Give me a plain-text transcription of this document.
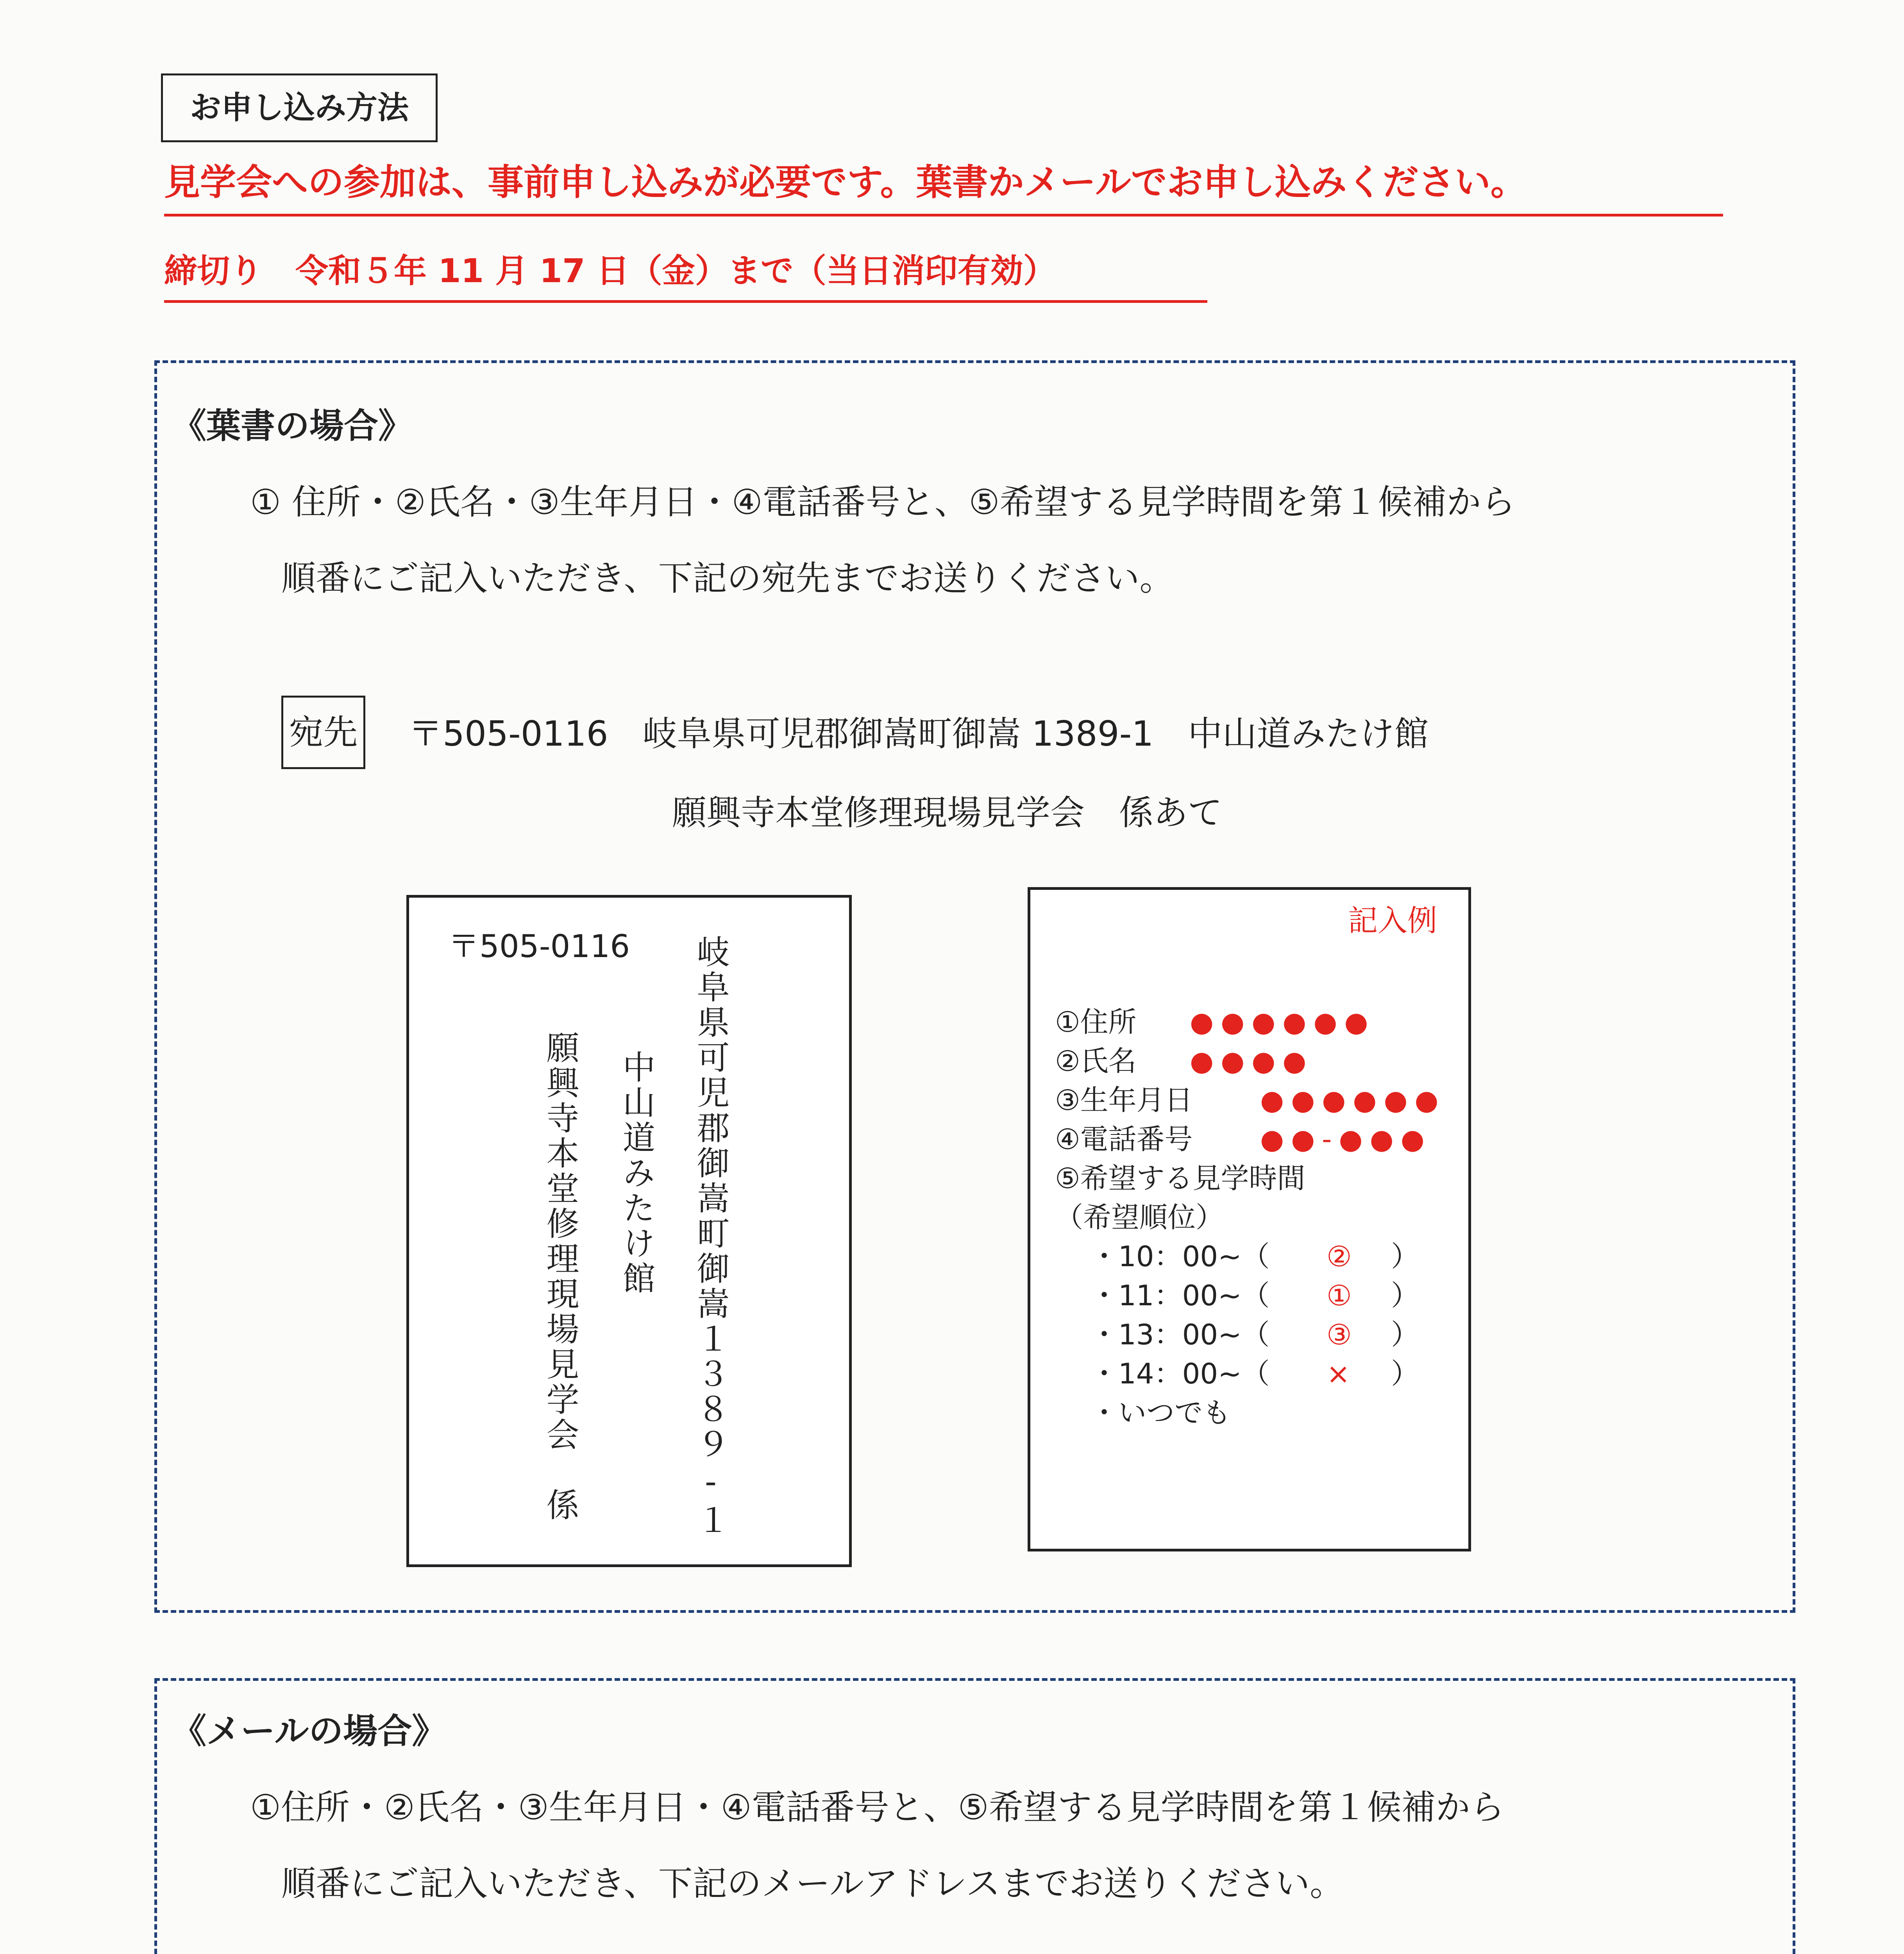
お申し込み方法
見学会への参加は、事前申し込みが必要です。葉書かメールでお申し込みください。
締切り　令和５年 11 月 17 日（金）まで（当日消印有効）
《葉書の場合》
① 住所・②氏名・③生年月日・④電話番号と、⑤希望する見学時間を第１候補から
順番にご記入いただき、下記の宛先までお送りください。
宛先 〒505-0116　岐阜県可児郡御嵩町御嵩 1389-1　中山道みたけ館
願興寺本堂修理現場見学会　係あて
〒505-0116 岐阜県可児郡御嵩町御嵩１３８９-１
中山道みたけ館
願興寺本堂修理現場見学会　係
記入例
①住所 ●●●●●●
②氏名 ●●●●
③生年月日 ●●●●●●
④電話番号 ●●-●●●
⑤希望する見学時間
（希望順位）
・10：00~（ ② ）
・11：00~（ ① ）
・13：00~（ ③ ）
・14：00~（ × ）
・いつでも
《メールの場合》
①住所・②氏名・③生年月日・④電話番号と、⑤希望する見学時間を第１候補から
順番にご記入いただき、下記のメールアドレスまでお送りください。
